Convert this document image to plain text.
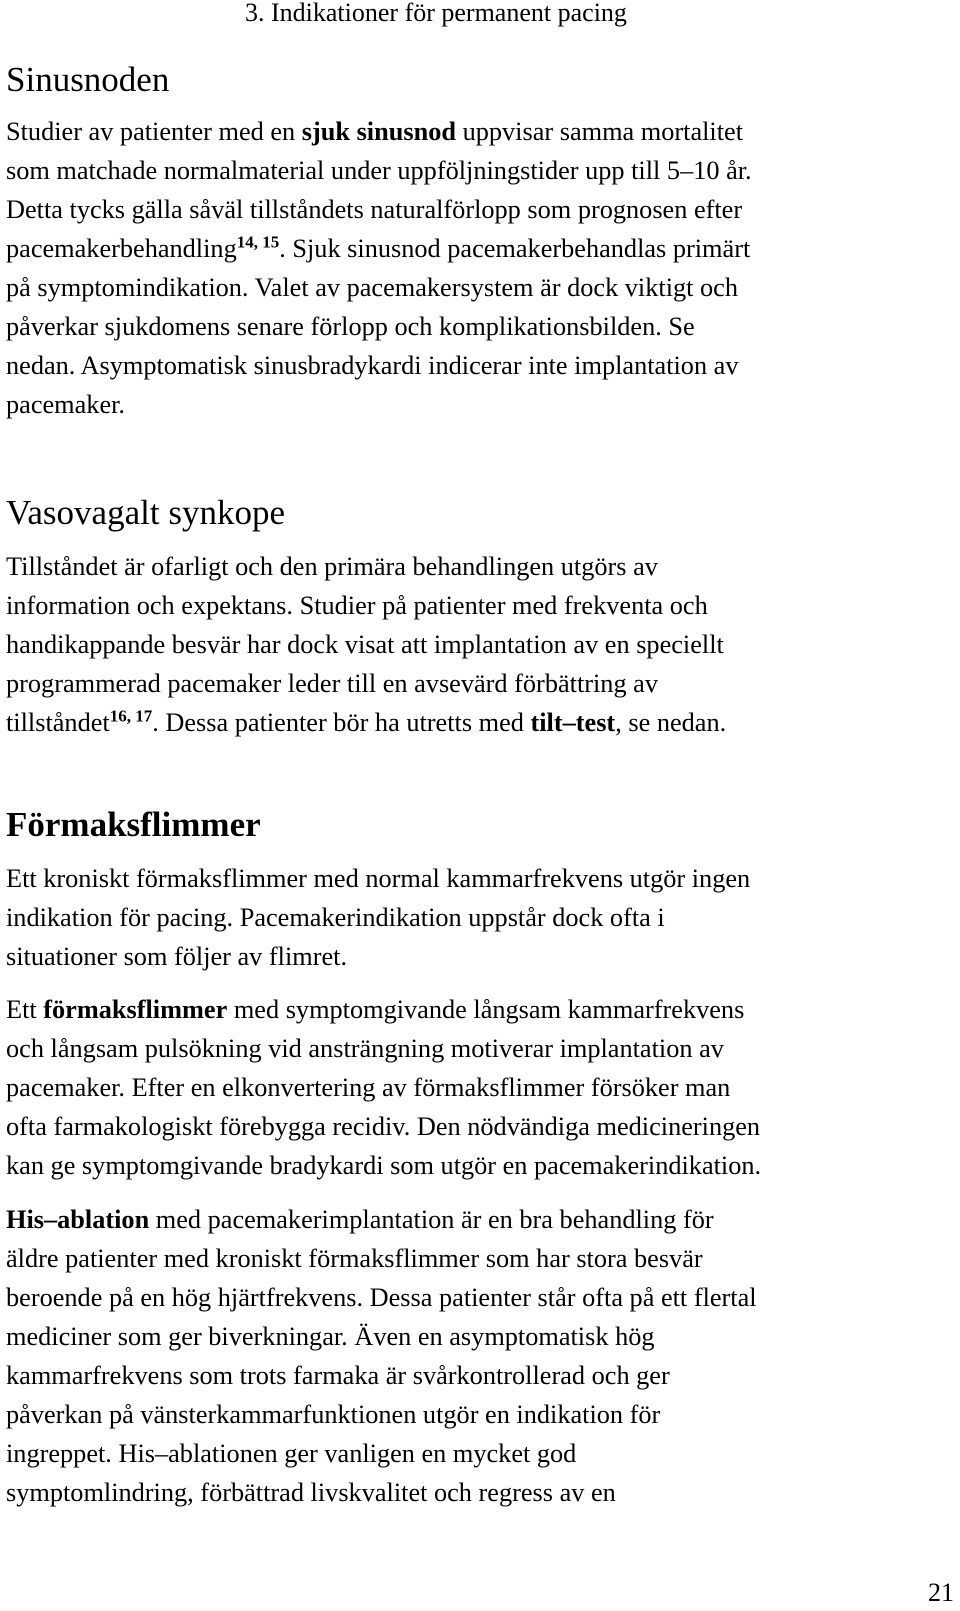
3. Indikationer för permanent pacing
Sinusnoden

Studier av patienter med en sjuk sinusnod uppvisar samma mortalitet
som matchade normalmaterial under uppföljningstider upp till 5–10 år.
Detta tycks gälla såväl tillståndets naturalförlopp som prognosen efter
pacemakerbehandling$^{14, 15}$. Sjuk sinusnod pacemakerbehandlas primärt
på symptomindikation. Valet av pacemakersystem är dock viktigt och
påverkar sjukdomens senare förlopp och komplikationsbilden. Se
nedan. Asymptomatisk sinusbradykardi indicerar inte implantation av
pacemaker.

Vasovagalt synkope

Tillståndet är ofarligt och den primära behandlingen utgörs av
information och expektans. Studier på patienter med frekventa och
handikappande besvär har dock visat att implantation av en speciellt
programmerad pacemaker leder till en avsevärd förbättring av
tillståndet$^{16, 17}$. Dessa patienter bör ha utretts med tilt–test, se nedan.

Förmaksflimmer

Ett kroniskt förmaksflimmer med normal kammarfrekvens utgör ingen
indikation för pacing. Pacemakerindikation uppstår dock ofta i
situationer som följer av flimret.

Ett förmaksflimmer med symptomgivande långsam kammarfrekvens
och långsam pulsökning vid ansträngning motiverar implantation av
pacemaker. Efter en elkonvertering av förmaksflimmer försöker man
ofta farmakologiskt förebygga recidiv. Den nödvändiga medicineringen
kan ge symptomgivande bradykardi som utgör en pacemakerindikation.

His–ablation med pacemakerimplantation är en bra behandling för
äldre patienter med kroniskt förmaksflimmer som har stora besvär
beroende på en hög hjärtfrekvens. Dessa patienter står ofta på ett flertal
mediciner som ger biverkningar. Även en asymptomatisk hög
kammarfrekvens som trots farmaka är svårkontrollerad och ger
påverkan på vänsterkammarfunktionen utgör en indikation för
ingreppet. His–ablationen ger vanligen en mycket god
symptomlindring, förbättrad livskvalitet och regress av en

21
